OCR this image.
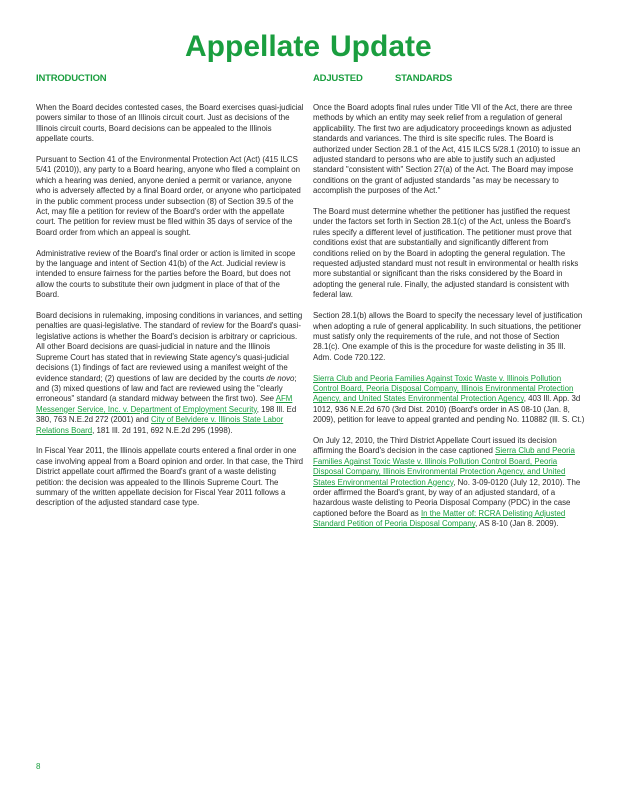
Appellate Update
INTRODUCTION	ADJUSTED	STANDARDS

When the Board decides contested cases, the Board exercises quasi-judicial powers similar to those of an Illinois circuit court. Just as decisions of the Illinois circuit courts, Board decisions can be appealed to the Illinois appellate courts.

Pursuant to Section 41 of the Environmental Protection Act (Act) (415 ILCS 5/41 (2010)), any party to a Board hearing, anyone who filed a complaint on which a hearing was denied, anyone denied a permit or variance, anyone who is adversely affected by a final Board order, or anyone who participated in the public comment process under subsection (8) of Section 39.5 of the Act, may file a petition for review of the Board's order with the appellate court. The petition for review must be filed within 35 days of service of the Board order from which an appeal is sought.

Administrative review of the Board's final order or action is limited in scope by the language and intent of Section 41(b) of the Act. Judicial review is intended to ensure fairness for the parties before the Board, but does not allow the courts to substitute their own judgment in place of that of the Board.

Board decisions in rulemaking, imposing conditions in variances, and setting penalties are quasi-legislative. The standard of review for the Board's quasi-legislative actions is whether the Board's decision is arbitrary or capricious. All other Board decisions are quasi-judicial in nature and the Illinois Supreme Court has stated that in reviewing State agency's quasi-judicial decisions (1) findings of fact are reviewed using a manifest weight of the evidence standard; (2) questions of law are decided by the courts de novo; and (3) mixed questions of law and fact are reviewed using the "clearly erroneous" standard (a standard midway between the first two). See AFM Messenger Service, Inc. v. Department of Employment Security, 198 Ill. Ed 380, 763 N.E.2d 272 (2001) and City of Belvidere v. Illinois State Labor Relations Board, 181 Ill. 2d 191, 692 N.E.2d 295 (1998).

In Fiscal Year 2011, the Illinois appellate courts entered a final order in one case involving appeal from a Board opinion and order. In that case, the Third District appellate court affirmed the Board's grant of a waste delisting petition: the decision was appealed to the Illinois Supreme Court. The summary of the written appellate decision for Fiscal Year 2011 follows a description of the adjusted standard case type.

Once the Board adopts final rules under Title VII of the Act, there are three methods by which an entity may seek relief from a regulation of general applicability. The first two are adjudicatory proceedings known as adjusted standards and variances. The third is site specific rules. The Board is authorized under Section 28.1 of the Act, 415 ILCS 5/28.1 (2010) to issue an adjusted standard to persons who are able to justify such an adjusted standard "consistent with" Section 27(a) of the Act. The Board may impose conditions on the grant of adjusted standards "as may be necessary to accomplish the purposes of the Act."

The Board must determine whether the petitioner has justified the request under the factors set forth in Section 28.1(c) of the Act, unless the Board's rules specify a different level of justification. The petitioner must prove that conditions exist that are substantially and significantly different from conditions relied on by the Board in adopting the general regulation. The requested adjusted standard must not result in environmental or health risks more substantial or significant than the risks considered by the Board in adopting the general rule. Finally, the adjusted standard is consistent with federal law.

Section 28.1(b) allows the Board to specify the necessary level of justification when adopting a rule of general applicability. In such situations, the petitioner must satisfy only the requirements of the rule, and not those of Section 28.1(c). One example of this is the procedure for waste delisting in 35 Ill. Adm. Code 720.122.

Sierra Club and Peoria Families Against Toxic Waste v. Illinois Pollution Control Board, Peoria Disposal Company, Illinois Environmental Protection Agency, and United States Environmental Protection Agency, 403 Ill. App. 3d 1012, 936 N.E.2d 670 (3rd Dist. 2010) (Board's order in AS 08-10 (Jan. 8, 2009), petition for leave to appeal granted and pending No. 110882 (Ill. S. Ct.)

On July 12, 2010, the Third District Appellate Court issued its decision affirming the Board's decision in the case captioned Sierra Club and Peoria Families Against Toxic Waste v. Illinois Pollution Control Board, Peoria Disposal Company, Illinois Environmental Protection Agency, and United States Environmental Protection Agency, No. 3-09-0120 (July 12, 2010). The order affirmed the Board's grant, by way of an adjusted standard, of a hazardous waste delisting to Peoria Disposal Company (PDC) in the case captioned before the Board as In the Matter of: RCRA Delisting Adjusted Standard Petition of Peoria Disposal Company, AS 8-10 (Jan 8. 2009).

8
